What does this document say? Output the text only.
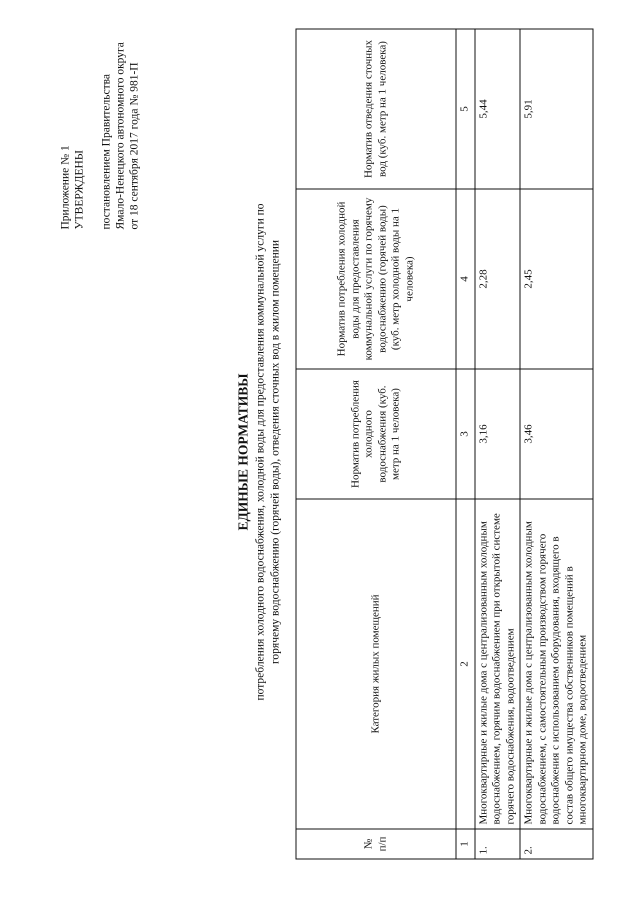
Приложение № 1 УТВЕРЖДЕНЫ постановлением Правительства Ямало-Ненецкого автономного округа от 18 сентября 2017 года № 981-П
ЕДИНЫЕ НОРМАТИВЫ потребления холодного водоснабжения, холодной воды для предоставления коммунальной услуги по горячему водоснабжению (горячей воды), отведения сточных вод в жилом помещении
№ п/п	Категория жилых помещений	Норматив потребления холодного водоснабжения (куб. метр на 1 человека)	Норматив потребления холодной воды для предоставления коммунальной услуги по горячему водоснабжению (горячей воды) (куб. метр холодной воды на 1 человека)	Норматив отведения сточных вод (куб. метр на 1 человека)
1	2	3	4	5
1.	Многоквартирные и жилые дома с централизованным холодным водоснабжением, горячим водоснабжением при открытой системе горячего водоснабжения, водоотведением	3,16	2,28	5,44
2.	Многоквартирные и жилые дома с централизованным холодным водоснабжением, с самостоятельным производством горячего водоснабжения с использованием оборудования, входящего в состав общего имущества собственников помещений в многоквартирном доме, водоотведением	3,46	2,45	5,91
